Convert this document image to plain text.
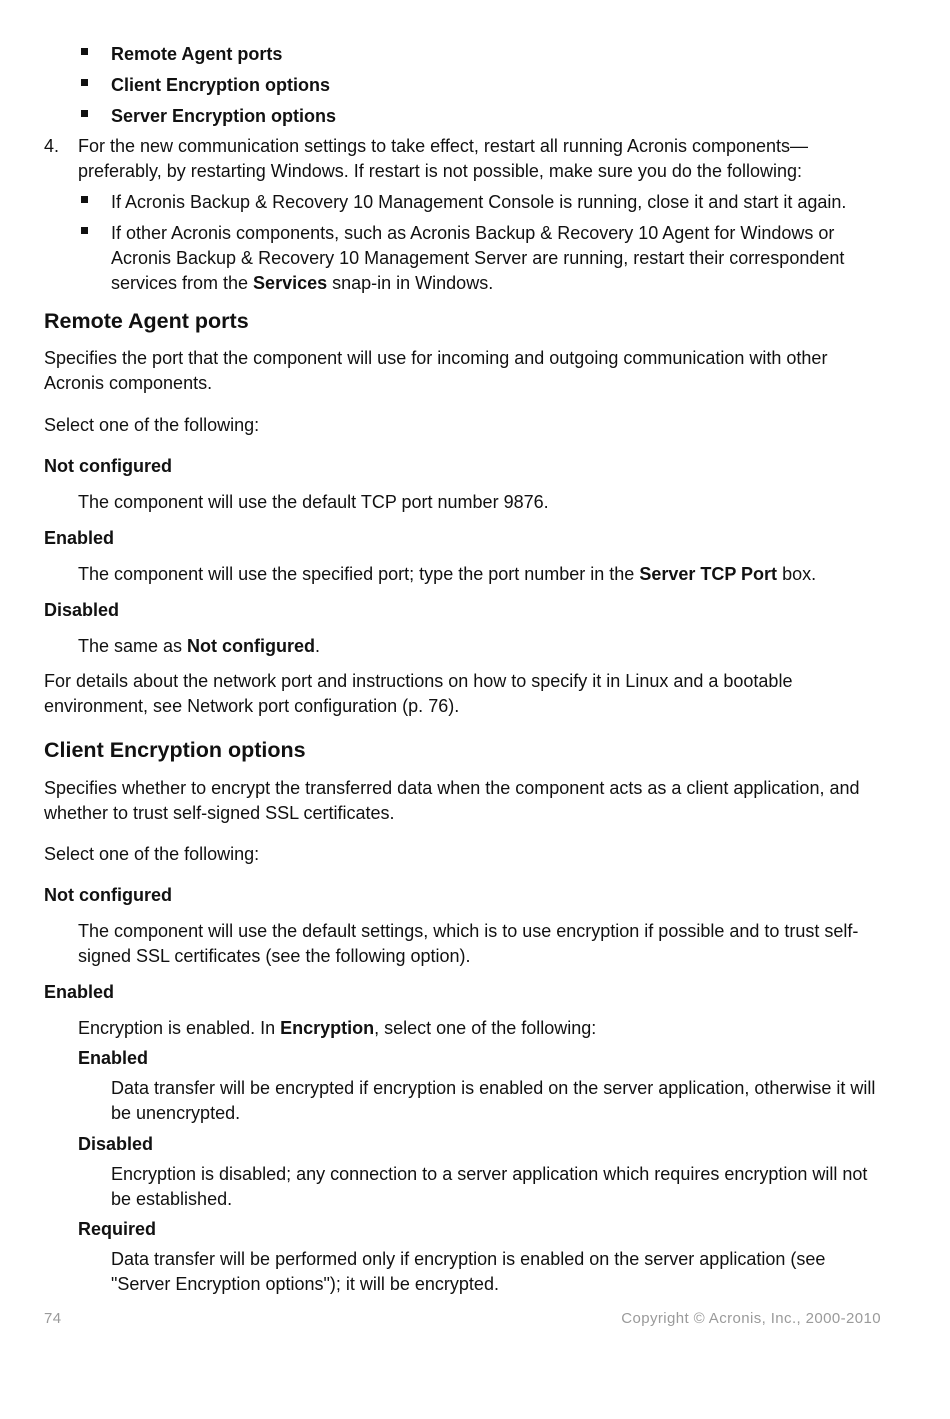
Remote Agent ports

Client Encryption options

Server Encryption options

4. For the new communication settings to take effect, restart all running Acronis components—preferably, by restarting Windows. If restart is not possible, make sure you do the following:

If Acronis Backup & Recovery 10 Management Console is running, close it and start it again.

If other Acronis components, such as Acronis Backup & Recovery 10 Agent for Windows or Acronis Backup & Recovery 10 Management Server are running, restart their correspondent services from the Services snap-in in Windows.

Remote Agent ports

Specifies the port that the component will use for incoming and outgoing communication with other Acronis components.

Select one of the following:

Not configured

The component will use the default TCP port number 9876.

Enabled

The component will use the specified port; type the port number in the Server TCP Port box.

Disabled

The same as Not configured.

For details about the network port and instructions on how to specify it in Linux and a bootable environment, see Network port configuration (p. 76).

Client Encryption options

Specifies whether to encrypt the transferred data when the component acts as a client application, and whether to trust self-signed SSL certificates.

Select one of the following:

Not configured

The component will use the default settings, which is to use encryption if possible and to trust self-signed SSL certificates (see the following option).

Enabled

Encryption is enabled. In Encryption, select one of the following:

Enabled

Data transfer will be encrypted if encryption is enabled on the server application, otherwise it will be unencrypted.

Disabled

Encryption is disabled; any connection to a server application which requires encryption will not be established.

Required

Data transfer will be performed only if encryption is enabled on the server application (see "Server Encryption options"); it will be encrypted.

74	Copyright © Acronis, Inc., 2000-2010
